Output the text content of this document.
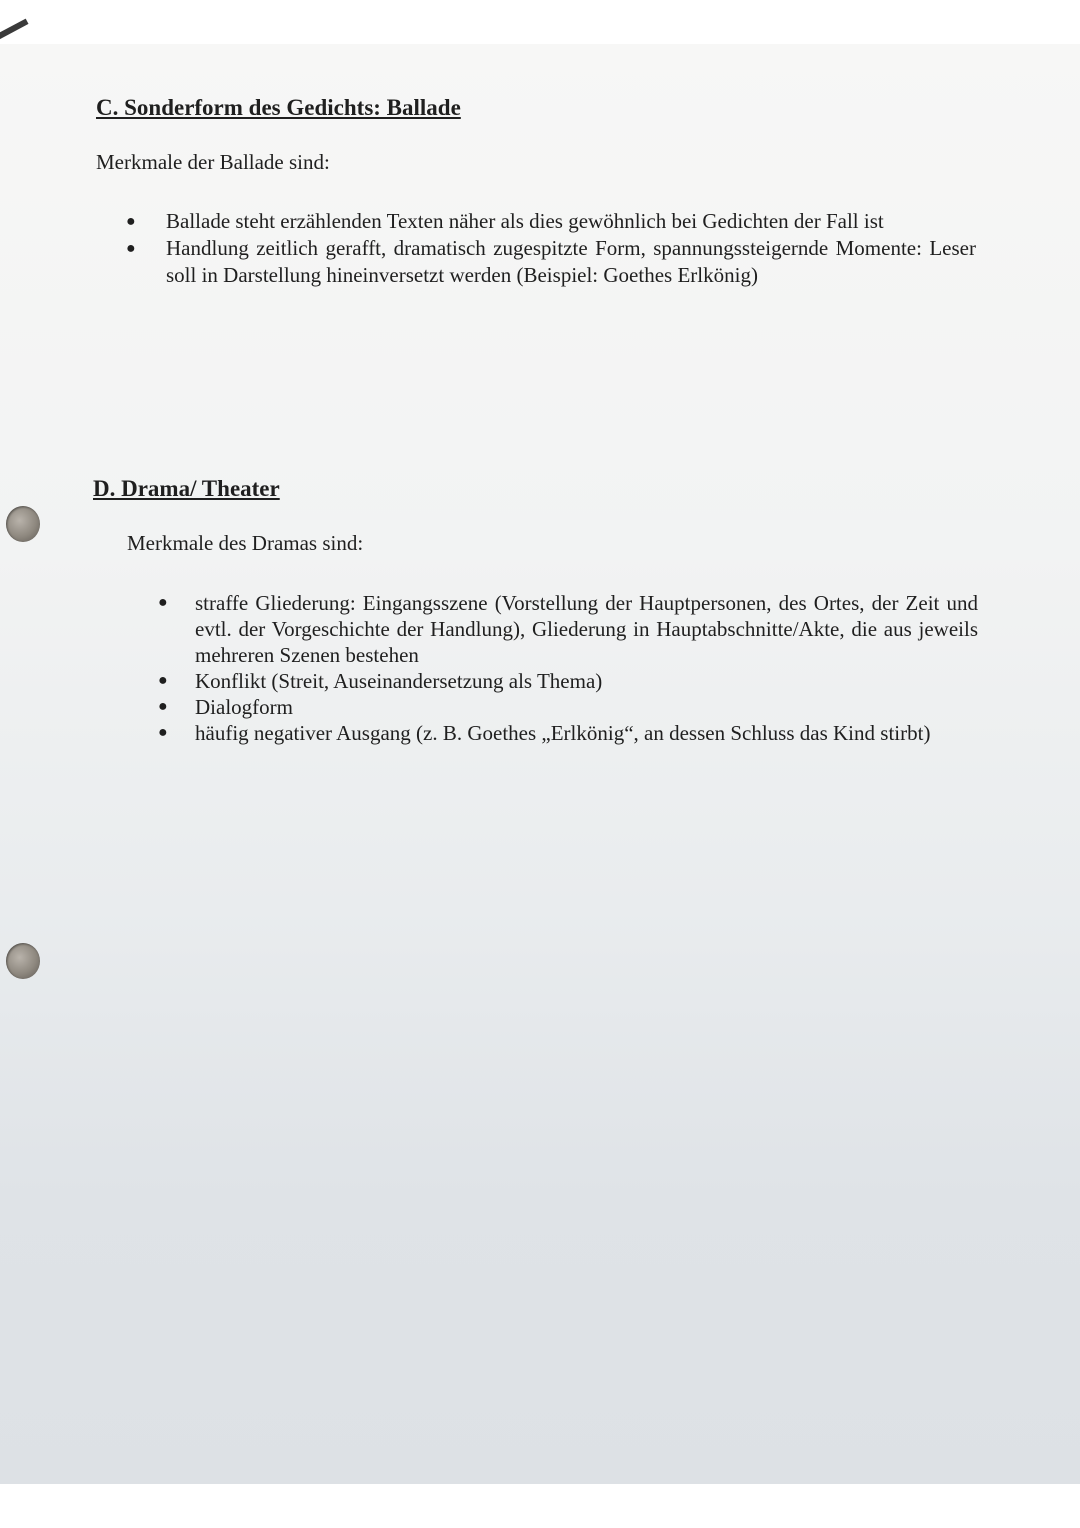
C. Sonderform des Gedichts: Ballade

Merkmale der Ballade sind:

● Ballade steht erzählenden Texten näher als dies gewöhnlich bei Gedichten der Fall ist
● Handlung zeitlich gerafft, dramatisch zugespitzte Form, spannungssteigernde Momente: Leser soll in Darstellung hineinversetzt werden (Beispiel: Goethes Erlkönig)
D. Drama/ Theater

Merkmale des Dramas sind:

● straffe Gliederung: Eingangsszene (Vorstellung der Hauptpersonen, des Ortes, der Zeit und evtl. der Vorgeschichte der Handlung), Gliederung in Hauptabschnitte/Akte, die aus jeweils mehreren Szenen bestehen
● Konflikt (Streit, Auseinandersetzung als Thema)
● Dialogform
● häufig negativer Ausgang (z. B. Goethes „Erlkönig“, an dessen Schluss das Kind stirbt)
